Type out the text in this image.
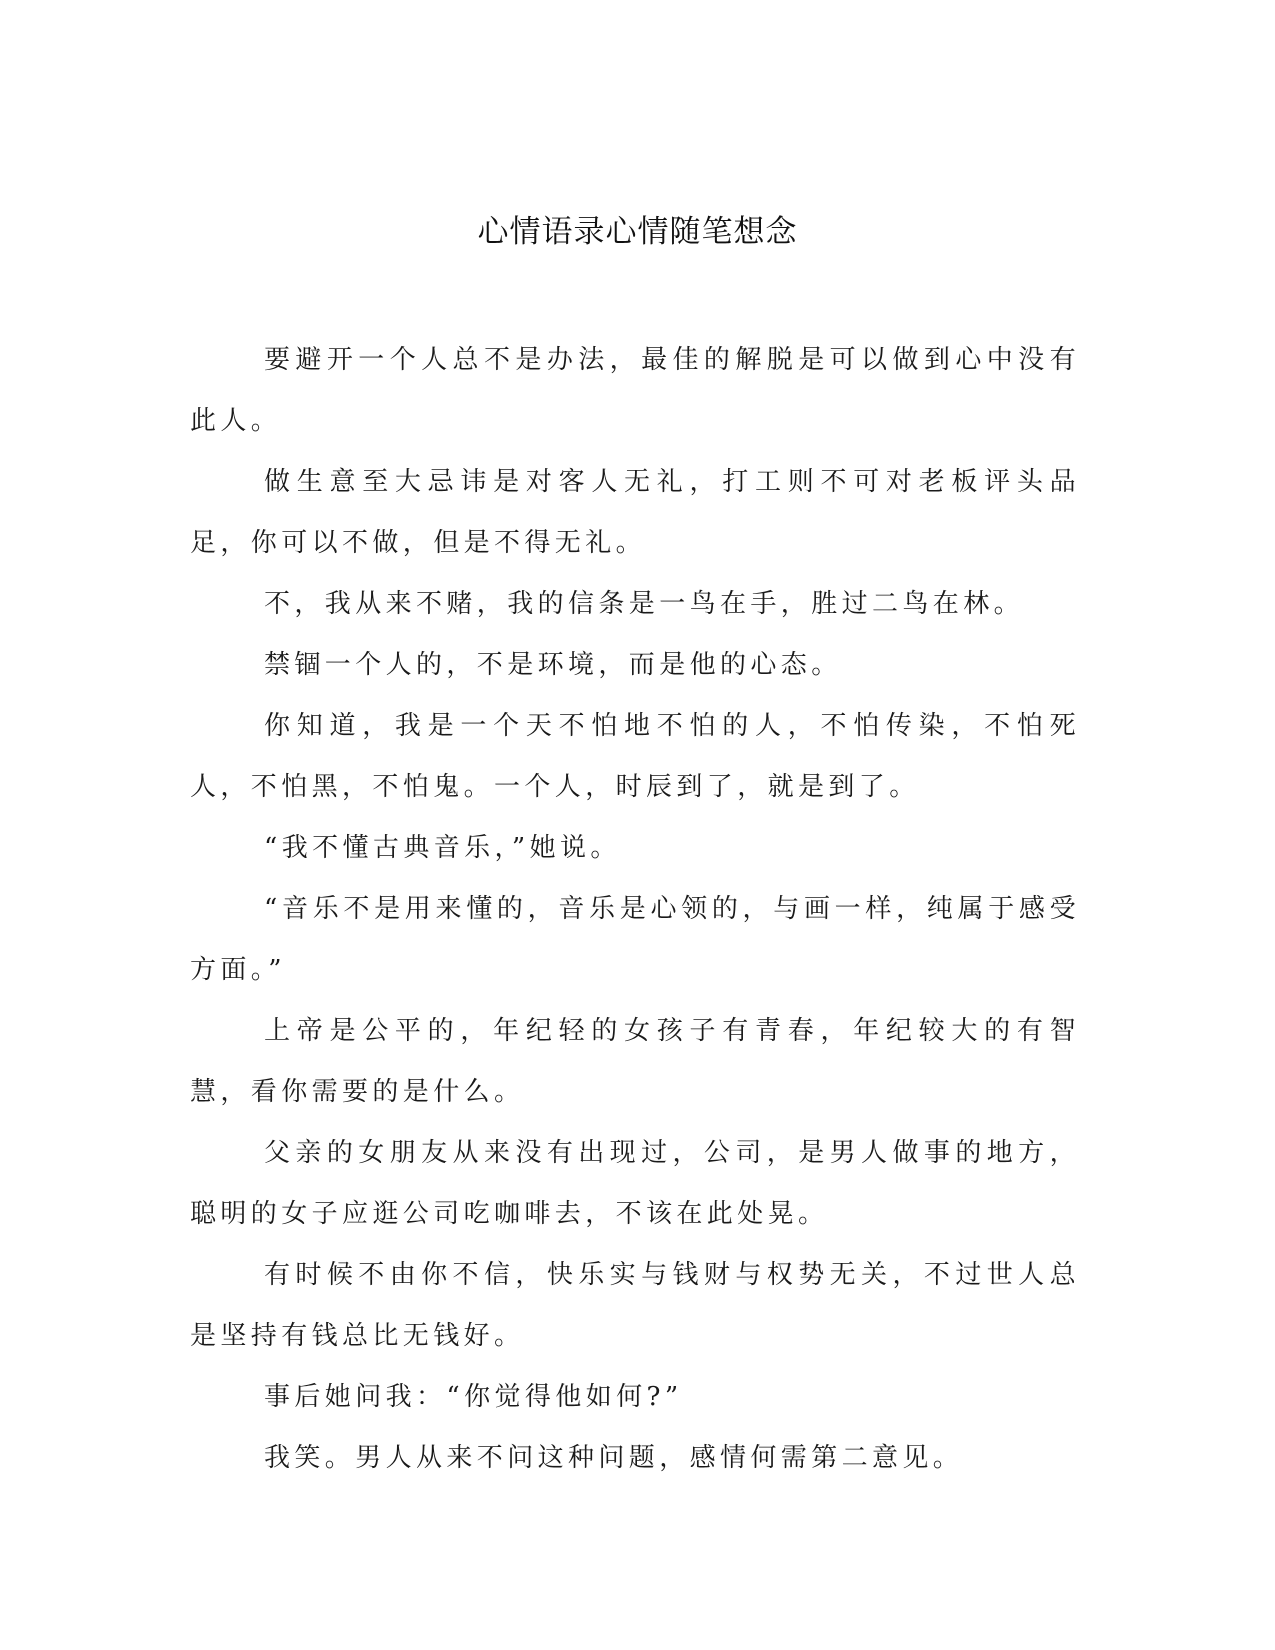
心情语录心情随笔想念

要避开一个人总不是办法，最佳的解脱是可以做到心中没有此人。

做生意至大忌讳是对客人无礼，打工则不可对老板评头品足，你可以不做，但是不得无礼。

不，我从来不赌，我的信条是一鸟在手，胜过二鸟在林。

禁锢一个人的，不是环境，而是他的心态。

你知道，我是一个天不怕地不怕的人，不怕传染，不怕死人，不怕黑，不怕鬼。一个人，时辰到了，就是到了。

“我不懂古典音乐，”她说。

“音乐不是用来懂的，音乐是心领的，与画一样，纯属于感受方面。”

上帝是公平的，年纪轻的女孩子有青春，年纪较大的有智慧，看你需要的是什么。

父亲的女朋友从来没有出现过，公司，是男人做事的地方，聪明的女子应逛公司吃咖啡去，不该在此处晃。

有时候不由你不信，快乐实与钱财与权势无关，不过世人总是坚持有钱总比无钱好。

事后她问我：“你觉得他如何?”

我笑。男人从来不问这种问题，感情何需第二意见。
